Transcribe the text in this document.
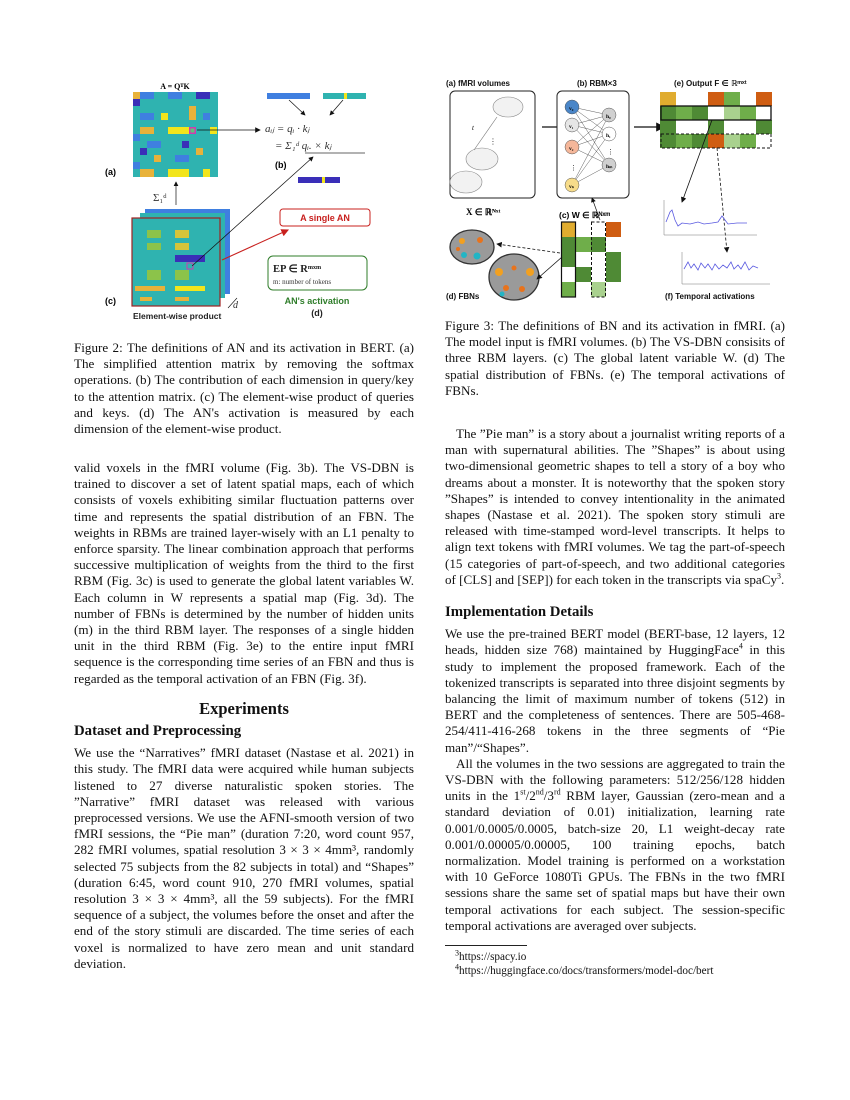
A = QᵀK
(a)
aᵢⱼ = qᵢ · kⱼ
= Σ₁ᵈ qᵢ. × kⱼ
(b)
Σ₁ᵈ
(c)	d
Element-wise product
A single AN
EP ∈ Rᵐˣᵐ
m: number of tokens
AN's activation
(d)
Figure 2: The definitions of AN and its activation in BERT. (a) The simplified attention matrix by removing the softmax operations. (b) The contribution of each dimension in query/key to the attention matrix. (c) The element-wise product of queries and keys. (d) The AN's activation is measured by each dimension of the element-wise product.
(a) fMRI volumes
t
⋮
(b) RBM×3
v₀
v₁
v₂
⋮
vₙ
h₀
h₁
⋮
hₘ
(e) Output F ∈ ℝᵐˣᵗ
(f) Temporal activations
X ∈ ℝᴺˣᵗ	(c) W ∈ ℝᴺˣᵐ
(d) FBNs
Figure 3: The definitions of BN and its activation in fMRI. (a) The model input is fMRI volumes. (b) The VS-DBN consisits of three RBM layers. (c) The global latent variable W. (d) The spatial distribution of FBNs. (e) The temporal activations of FBNs.

valid voxels in the fMRI volume (Fig. 3b). The VS-DBN is trained to discover a set of latent spatial maps, each of which consists of voxels exhibiting similar fluctuation patterns over time and represents the spatial distribution of an FBN. The weights in RBMs are trained layer-wisely with an L1 penalty to enforce sparsity. The linear combination approach that performs successive multiplication of weights from the third to the first RBM (Fig. 3c) is used to generate the global latent variables W. Each column in W represents a spatial map (Fig. 3d). The number of FBNs is determined by the number of hidden units (m) in the third RBM layer. The responses of a single hidden unit in the third RBM (Fig. 3e) to the entire input fMRI sequence is the corresponding time series of an FBN and thus is regarded as the temporal activation of an FBN (Fig. 3f).

Experiments
Dataset and Preprocessing

We use the “Narratives” fMRI dataset (Nastase et al. 2021) in this study. The fMRI data were acquired while human subjects listened to 27 diverse naturalistic spoken stories. The ”Narrative” fMRI dataset was released with various preprocessed versions. We use the AFNI-smooth version of two fMRI sessions, the “Pie man” (duration 7:20, word count 957, 282 fMRI volumes, spatial resolution 3 × 3 × 4mm³, randomly selected 75 subjects from the 82 subjects in total) and “Shapes” (duration 6:45, word count 910, 270 fMRI volumes, spatial resolution 3 × 3 × 4mm³, all the 59 subjects). For the fMRI sequence of a subject, the volumes before the onset and after the end of the story stimuli are discarded. The time series of each voxel is normalized to have zero mean and unit standard deviation.

The ”Pie man” is a story about a journalist writing reports of a man with supernatural abilities. The ”Shapes” is about using two-dimensional geometric shapes to tell a story of a boy who dreams about a monster. It is noteworthy that the spoken story ”Shapes” is intended to convey intentionality in the animated shapes (Nastase et al. 2021). The spoken story stimuli are released with time-stamped word-level transcripts. It helps to align text tokens with fMRI volumes. We tag the part-of-speech (15 categories of part-of-speech, and two additional categories of [CLS] and [SEP]) for each token in the transcripts via spaCy$^3$.

Implementation Details

We use the pre-trained BERT model (BERT-base, 12 layers, 12 heads, hidden size 768) maintained by HuggingFace$^4$ in this study to implement the proposed framework. Each of the tokenized transcripts is separated into three disjoint segments by balancing the limit of maximum number of tokens (512) in BERT and the completeness of sentences. There are 505-468-254/411-416-268 tokens in the three segments of “Pie man”/“Shapes”.

All the volumes in the two sessions are aggregated to train the VS-DBN with the following parameters: 512/256/128 hidden units in the 1st/2nd/3rd RBM layer, Gaussian (zero-mean and a standard deviation of 0.01) initialization, learning rate 0.001/0.0005/0.0005, batch-size 20, L1 weight-decay rate 0.001/0.00005/0.00005, 100 training epochs, batch normalization. Model training is performed on a workstation with 10 GeForce 1080Ti GPUs. The FBNs in the two fMRI sessions share the same set of spatial maps but have their own temporal activations for each subject. The session-specific temporal activations are averaged over subjects.

$^3$https://spacy.io
$^4$https://huggingface.co/docs/transformers/model-doc/bert
